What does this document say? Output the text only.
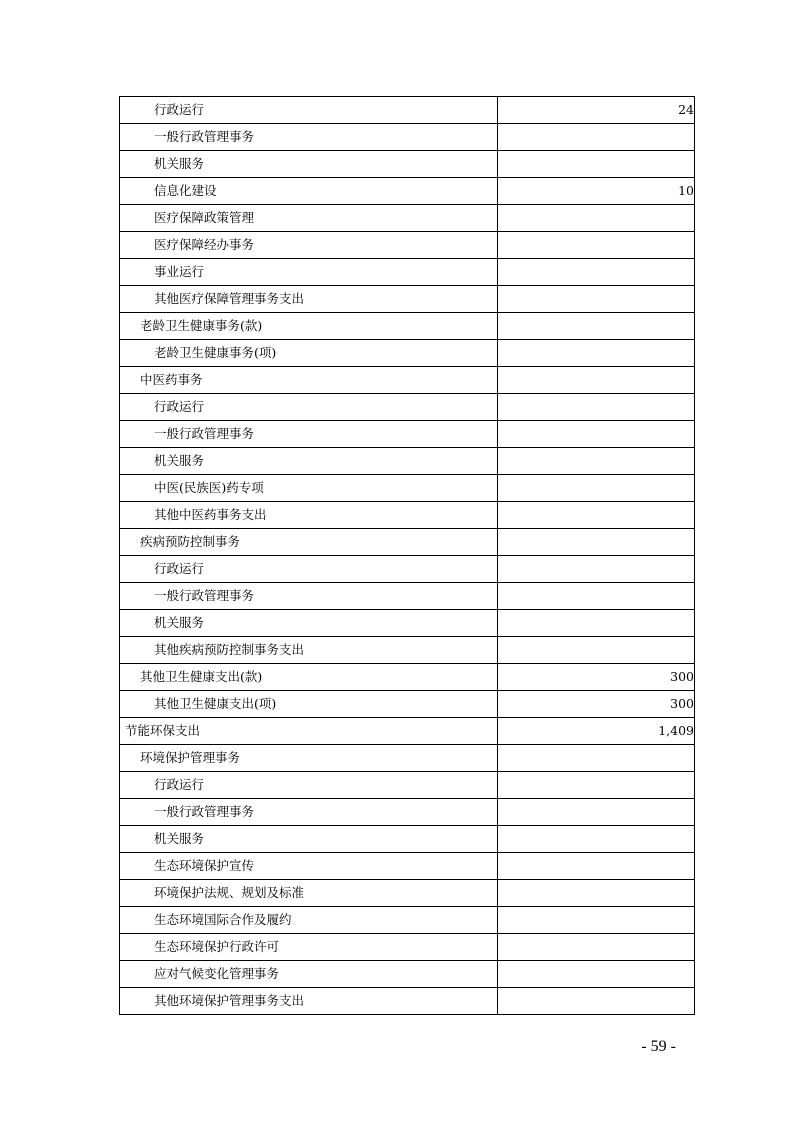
行政运行	24
一般行政管理事务	
机关服务	
信息化建设	10
医疗保障政策管理	
医疗保障经办事务	
事业运行	
其他医疗保障管理事务支出	
老龄卫生健康事务(款)	
老龄卫生健康事务(项)	
中医药事务	
行政运行	
一般行政管理事务	
机关服务	
中医(民族医)药专项	
其他中医药事务支出	
疾病预防控制事务	
行政运行	
一般行政管理事务	
机关服务	
其他疾病预防控制事务支出	
其他卫生健康支出(款)	300
其他卫生健康支出(项)	300
节能环保支出	1,409
环境保护管理事务	
行政运行	
一般行政管理事务	
机关服务	
生态环境保护宣传	
环境保护法规、规划及标准	
生态环境国际合作及履约	
生态环境保护行政许可	
应对气候变化管理事务	
其他环境保护管理事务支出	
- 59 -
